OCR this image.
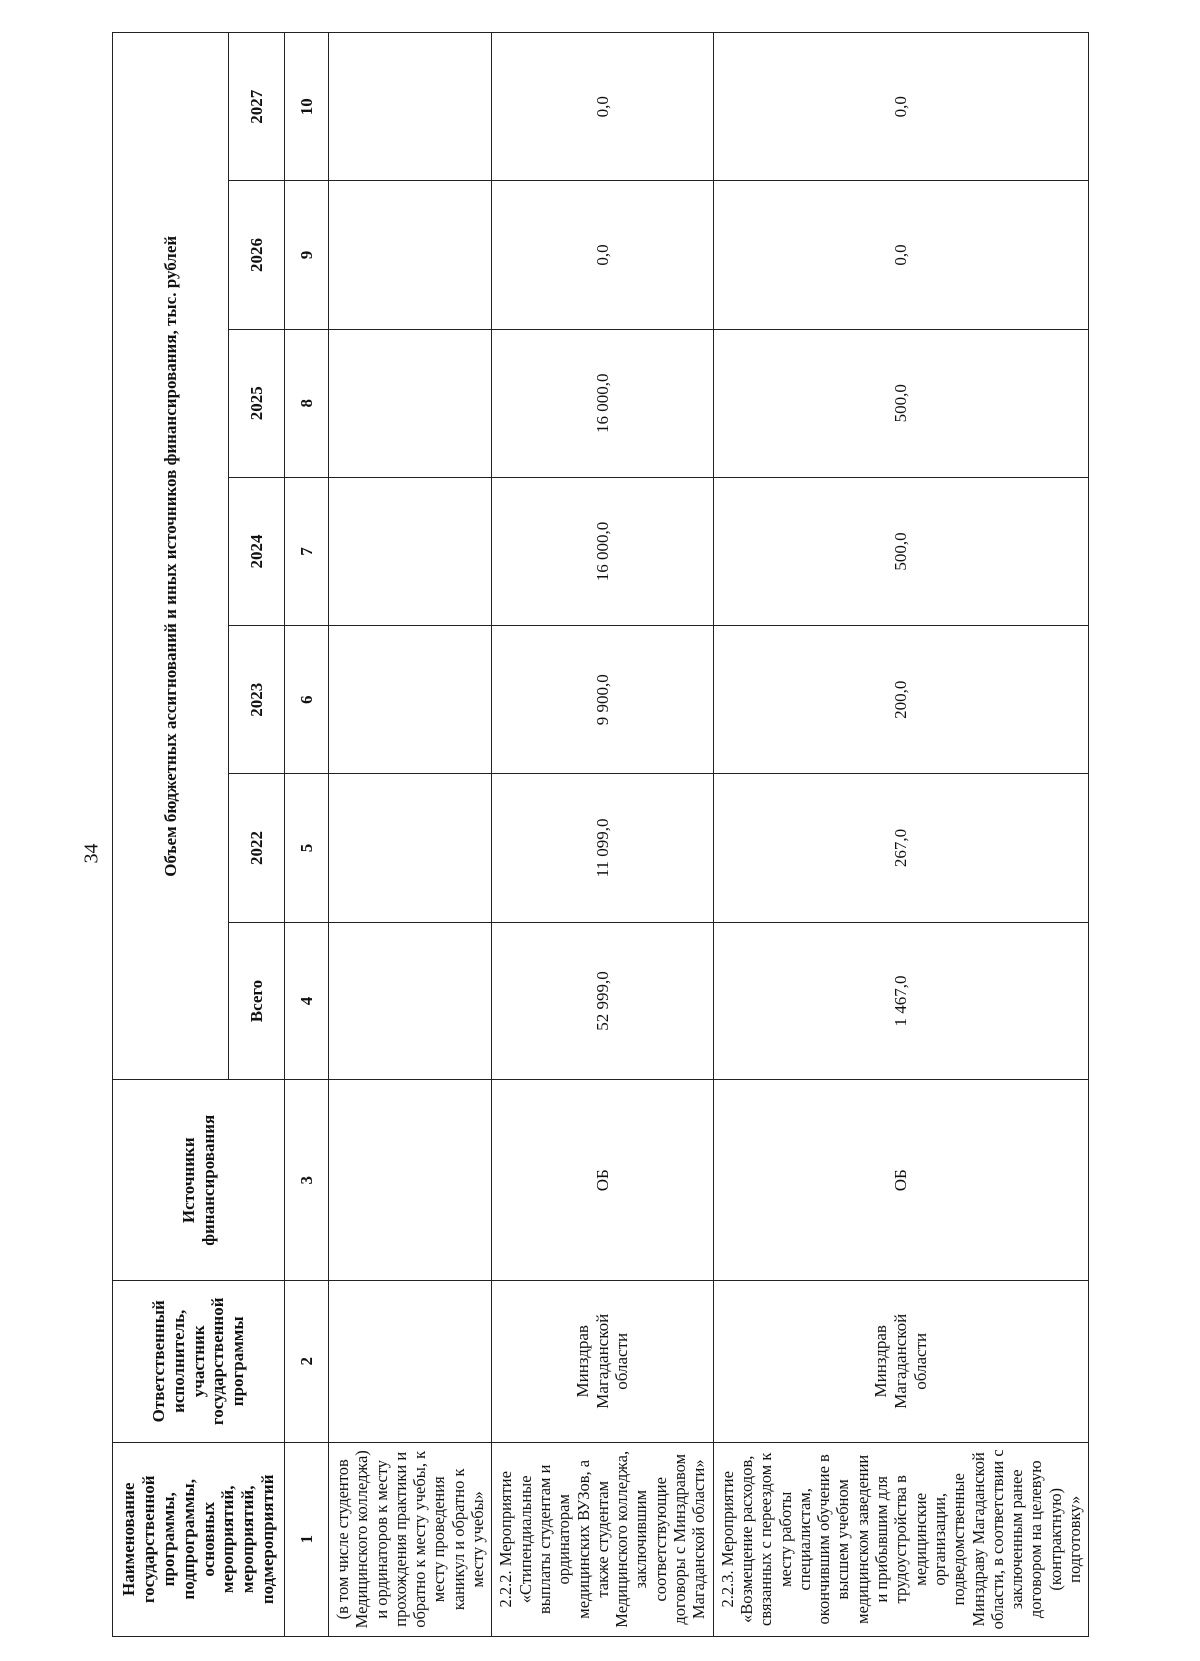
34
Наименование государственной программы, подпрограммы, основных мероприятий, мероприятий, подмероприятий	Ответственный исполнитель, участник государственной программы	Источники финансирования	Объем бюджетных ассигнований и иных источников финансирования, тыс. рублей						
			Всего	2022	2023	2024	2025	2026	2027
1	2	3	4	5	6	7	8	9	10
(в том числе студентов Медицинского колледжа) и ординаторов к месту прохождения практики и обратно к месту учебы, к месту проведения каникул и обратно к месту учебы»									
2.2.2. Мероприятие «Стипендиальные выплаты студентам и ординаторам медицинских ВУЗов, а также студентам Медицинского колледжа, заключившим соответствующие договоры с Минздравом Магаданской области»	Минздрав Магаданской области	ОБ	52 999,0	11 099,0	9 900,0	16 000,0	16 000,0	0,0	0,0
2.2.3. Мероприятие «Возмещение расходов, связанных с переездом к месту работы специалистам, окончившим обучение в высшем учебном медицинском заведении и прибывшим для трудоустройства в медицинские организации, подведомственные Минздраву Магаданской области, в соответствии с заключенным ранее договором на целевую (контрактную) подготовку»	Минздрав Магаданской области	ОБ	1 467,0	267,0	200,0	500,0	500,0	0,0	0,0
